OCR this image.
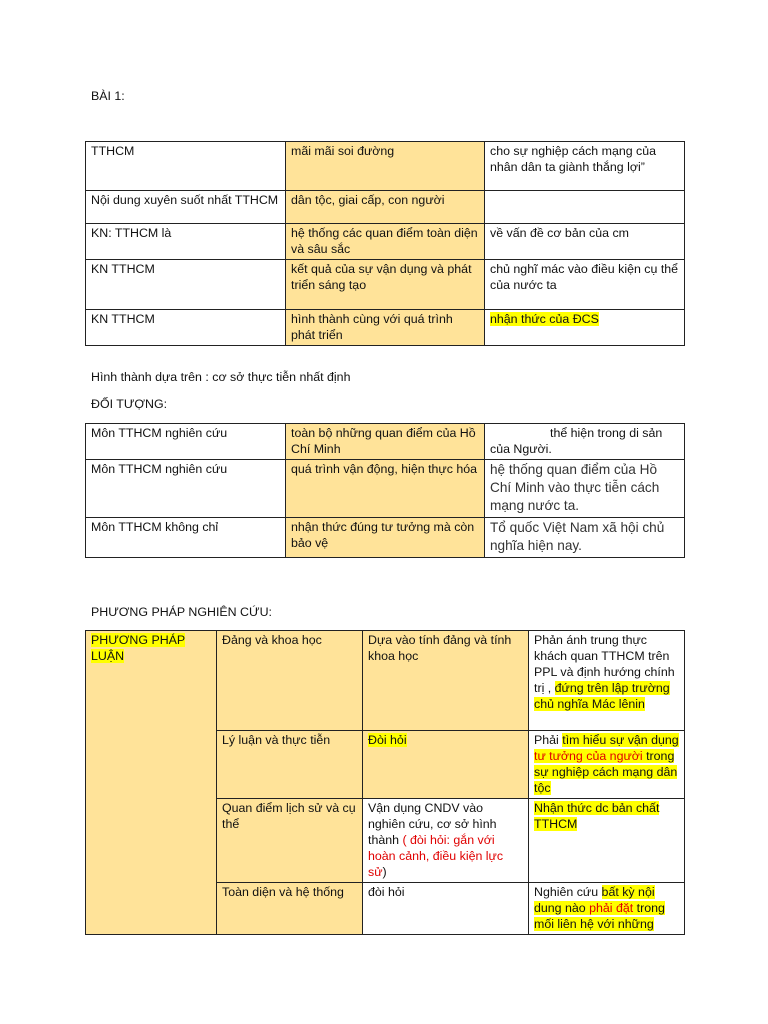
BÀI 1:

TTHCM	mãi mãi soi đường	cho sự nghiệp cách mạng của nhân dân ta giành thắng lợi”
Nội dung xuyên suốt nhất TTHCM	dân tộc, giai cấp, con người	
KN: TTHCM là	hệ thống các quan điểm toàn diện và sâu sắc	về vấn đề cơ bản của cm
KN TTHCM	kết quả của sự vận dụng và phát triển sáng tạo	chủ nghĩ mác vào điều kiện cụ thể của nước ta
KN TTHCM	hình thành cùng với quá trình phát triển	nhận thức của ĐCS

Hình thành dựa trên : cơ sở thực tiễn nhất định

ĐỐI TƯỢNG:

Môn TTHCM nghiên cứu	toàn bộ những quan điểm của Hồ Chí Minh	thể hiện trong di sản
của Người.

Môn TTHCM nghiên cứu	quá trình vận động, hiện thực hóa	hệ thống quan điểm của Hồ Chí Minh vào thực tiễn cách mạng nước ta.
Môn TTHCM không chỉ	nhận thức đúng tư tưởng mà còn bảo vệ	Tổ quốc Việt Nam xã hội chủ nghĩa hiện nay.

PHƯƠNG PHÁP NGHIÊN CỨU:

PHƯƠNG PHÁP LUẬN	Đảng và khoa học	Dựa vào tính đảng và tính khoa học	Phản ánh trung thực khách quan TTHCM trên PPL và định hướng chính trị , đứng trên lập trường chủ nghĩa Mác lênin
	Lý luận và thực tiễn	Đòi hỏi	Phải tìm hiểu sự vận dụng tư tưởng của người trong sự nghiệp cách mạng dân tộc
	Quan điểm lịch sử và cụ thể	Vận dụng CNDV vào nghiên cứu, cơ sở hình thành ( đòi hỏi: gắn với hoàn cảnh, điều kiện lực sử)	Nhận thức dc bản chất TTHCM
	Toàn diện và hệ thống	đòi hỏi	Nghiên cứu bất kỳ nội dung nào phải đặt trong mối liên hệ với những
